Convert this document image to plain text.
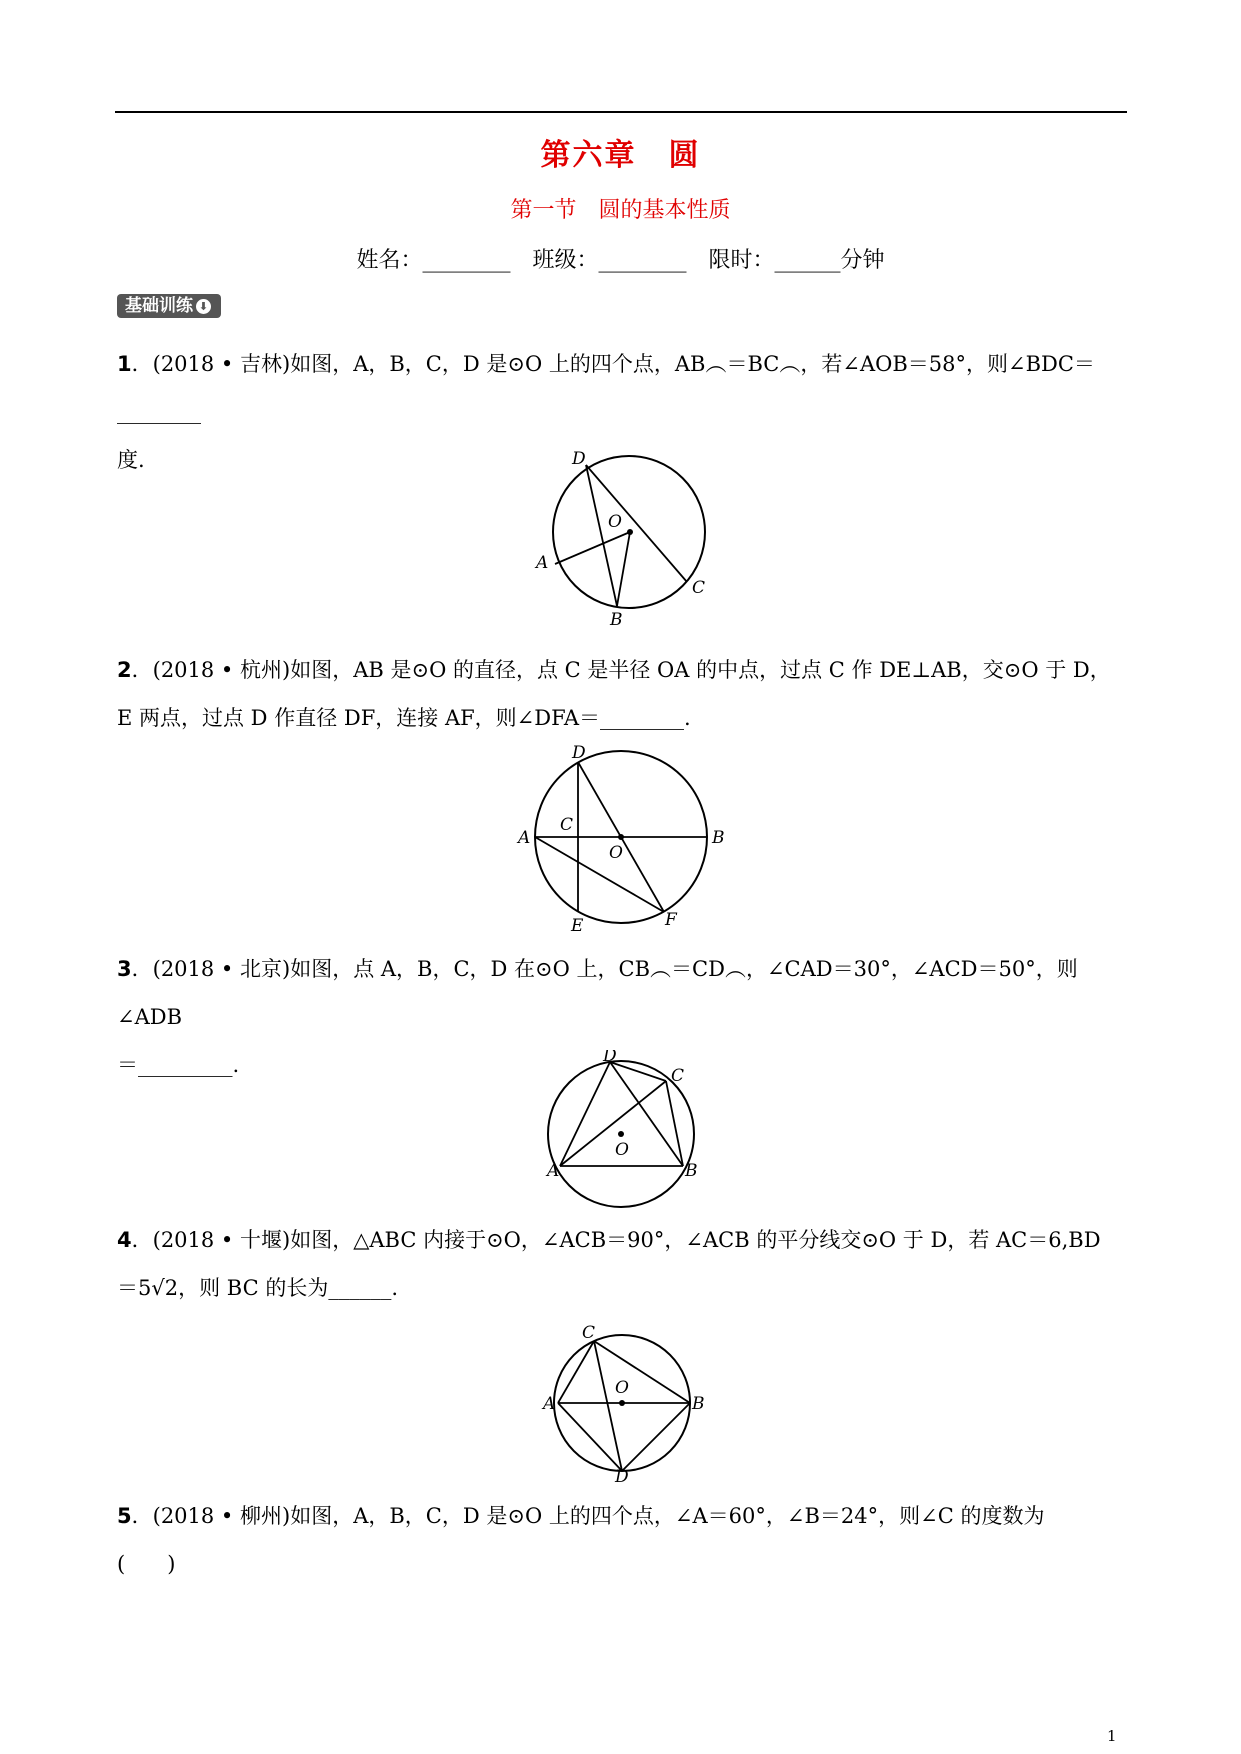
第六章　圆
第一节　圆的基本性质
姓名：________　班级：________　限时：______分钟
基础训练 ⬇
1．(2018 • 吉林)如图，A，B，C，D 是⊙O 上的四个点，AB︵＝BC︵，若∠AOB＝58°，则∠BDC＝________
度.	D
O
A
C
B
2．(2018 • 杭州)如图，AB 是⊙O 的直径，点 C 是半径 OA 的中点，过点 C 作 DE⊥AB，交⊙O 于 D，
E 两点，过点 D 作直径 DF，连接 AF，则∠DFA＝________.
D
C
A
O
B
E	F
3．(2018 • 北京)如图，点 A，B，C，D 在⊙O 上，CB︵＝CD︵，∠CAD＝30°，∠ACD＝50°，则∠ADB
＝_________.	D
C
O
A	B
4．(2018 • 十堰)如图，△ABC 内接于⊙O，∠ACB＝90°，∠ACB 的平分线交⊙O 于 D，若 AC＝6,BD
＝5√2，则 BC 的长为______.
C
O
A	B
D
5．(2018 • 柳州)如图，A，B，C，D 是⊙O 上的四个点，∠A＝60°，∠B＝24°，则∠C 的度数为
(　　)
1
